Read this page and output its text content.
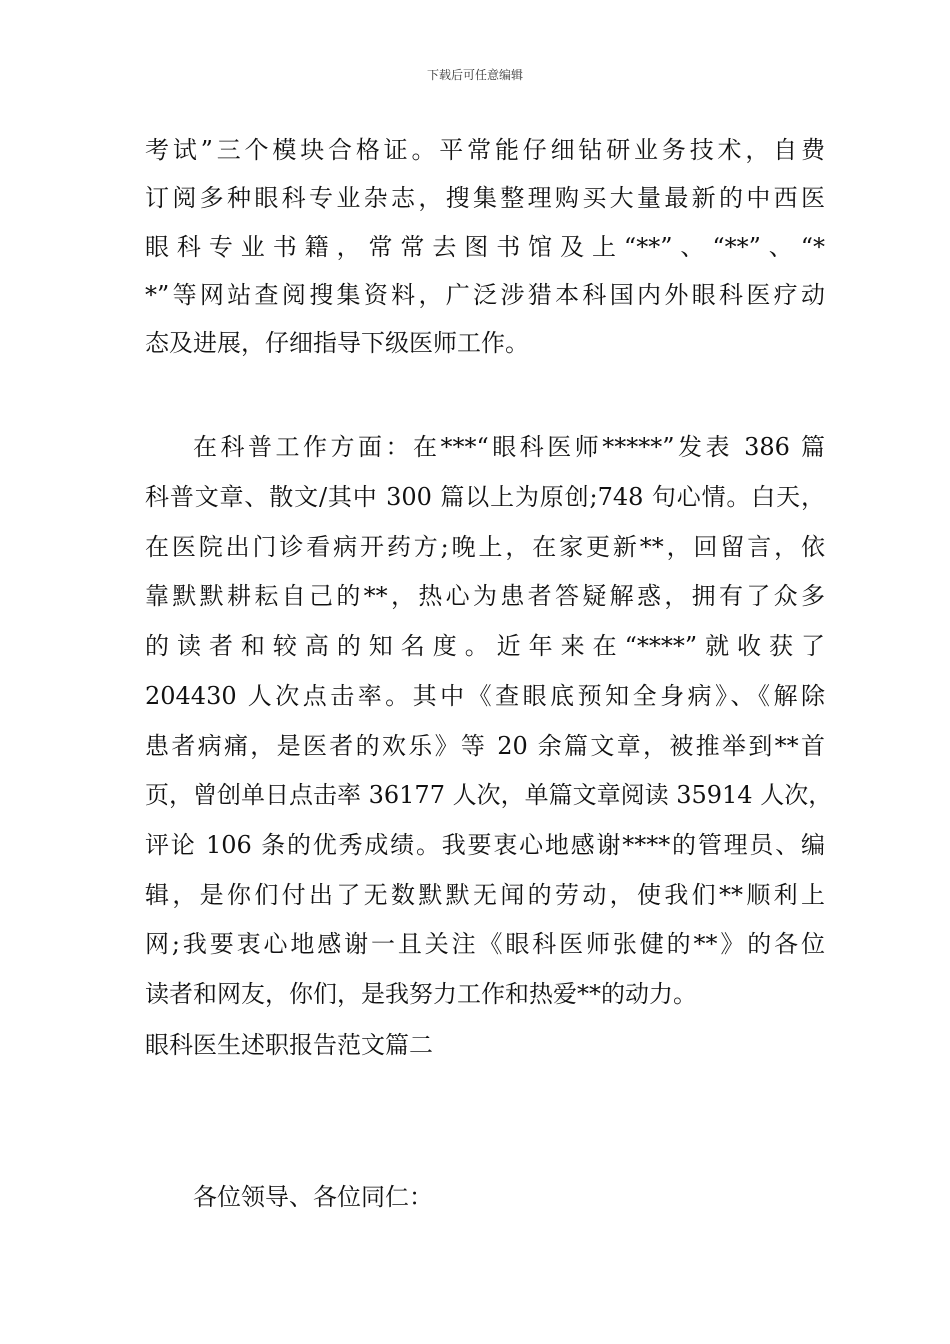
下载后可任意编辑

考试”三个模块合格证。平常能仔细钻研业务技术，自费

订阅多种眼科专业杂志，搜集整理购买大量最新的中西医

眼科专业书籍，常常去图书馆及上“**”、“**”、“*

*”等网站查阅搜集资料，广泛涉猎本科国内外眼科医疗动

态及进展，仔细指导下级医师工作。

在科普工作方面：在***“眼科医师*****”发表 386 篇

科普文章、散文/其中 300 篇以上为原创;748 句心情。白天，

在医院出门诊看病开药方;晚上，在家更新**，回留言，依

靠默默耕耘自己的**，热心为患者答疑解惑，拥有了众多

的读者和较高的知名度。近年来在“****”就收获了

204430 人次点击率。其中《查眼底预知全身病》、《解除

患者病痛，是医者的欢乐》等 20 余篇文章，被推举到**首

页，曾创单日点击率 36177 人次，单篇文章阅读 35914 人次，

评论 106 条的优秀成绩。我要衷心地感谢****的管理员、编

辑，是你们付出了无数默默无闻的劳动，使我们**顺利上

网;我要衷心地感谢一且关注《眼科医师张健的**》的各位

读者和网友，你们，是我努力工作和热爱**的动力。

眼科医生述职报告范文篇二

各位领导、各位同仁：
